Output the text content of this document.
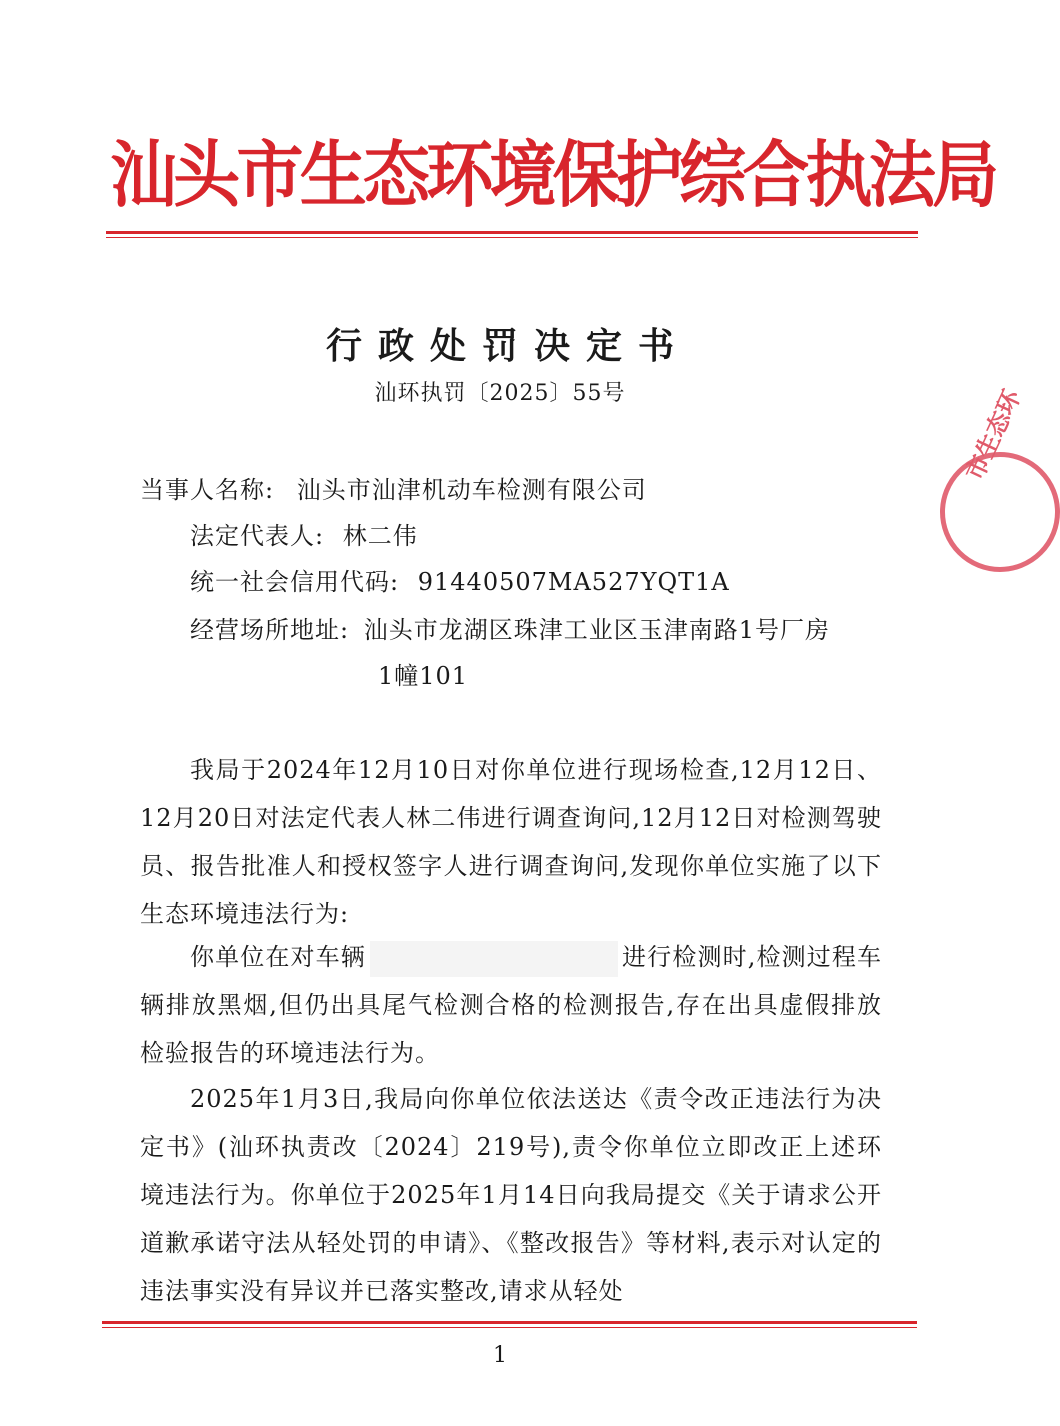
汕头市生态环境保护综合执法局
行政处罚决定书
汕环执罚〔2025〕55号
当事人名称: 汕头市汕津机动车检测有限公司
法定代表人: 林二伟
统一社会信用代码: 91440507MA527YQT1A
经营场所地址: 汕头市龙湖区珠津工业区玉津南路1号厂房
1幢101
我局于2024年12月10日对你单位进行现场检查,12月12日、12月20日对法定代表人林二伟进行调查询问,12月12日对检测驾驶员、报告批准人和授权签字人进行调查询问,发现你单位实施了以下生态环境违法行为:
你单位在对车辆	进行检测时,检测过程车辆排放黑烟,但仍出具尾气检测合格的检测报告,存在出具虚假排放检验报告的环境违法行为。
2025年1月3日,我局向你单位依法送达《责令改正违法行为决定书》(汕环执责改〔2024〕219号),责令你单位立即改正上述环境违法行为。你单位于2025年1月14日向我局提交《关于请求公开道歉承诺守法从轻处罚的申请》、《整改报告》等材料,表示对认定的违法事实没有异议并已落实整改,请求从轻处
1
市生态环
